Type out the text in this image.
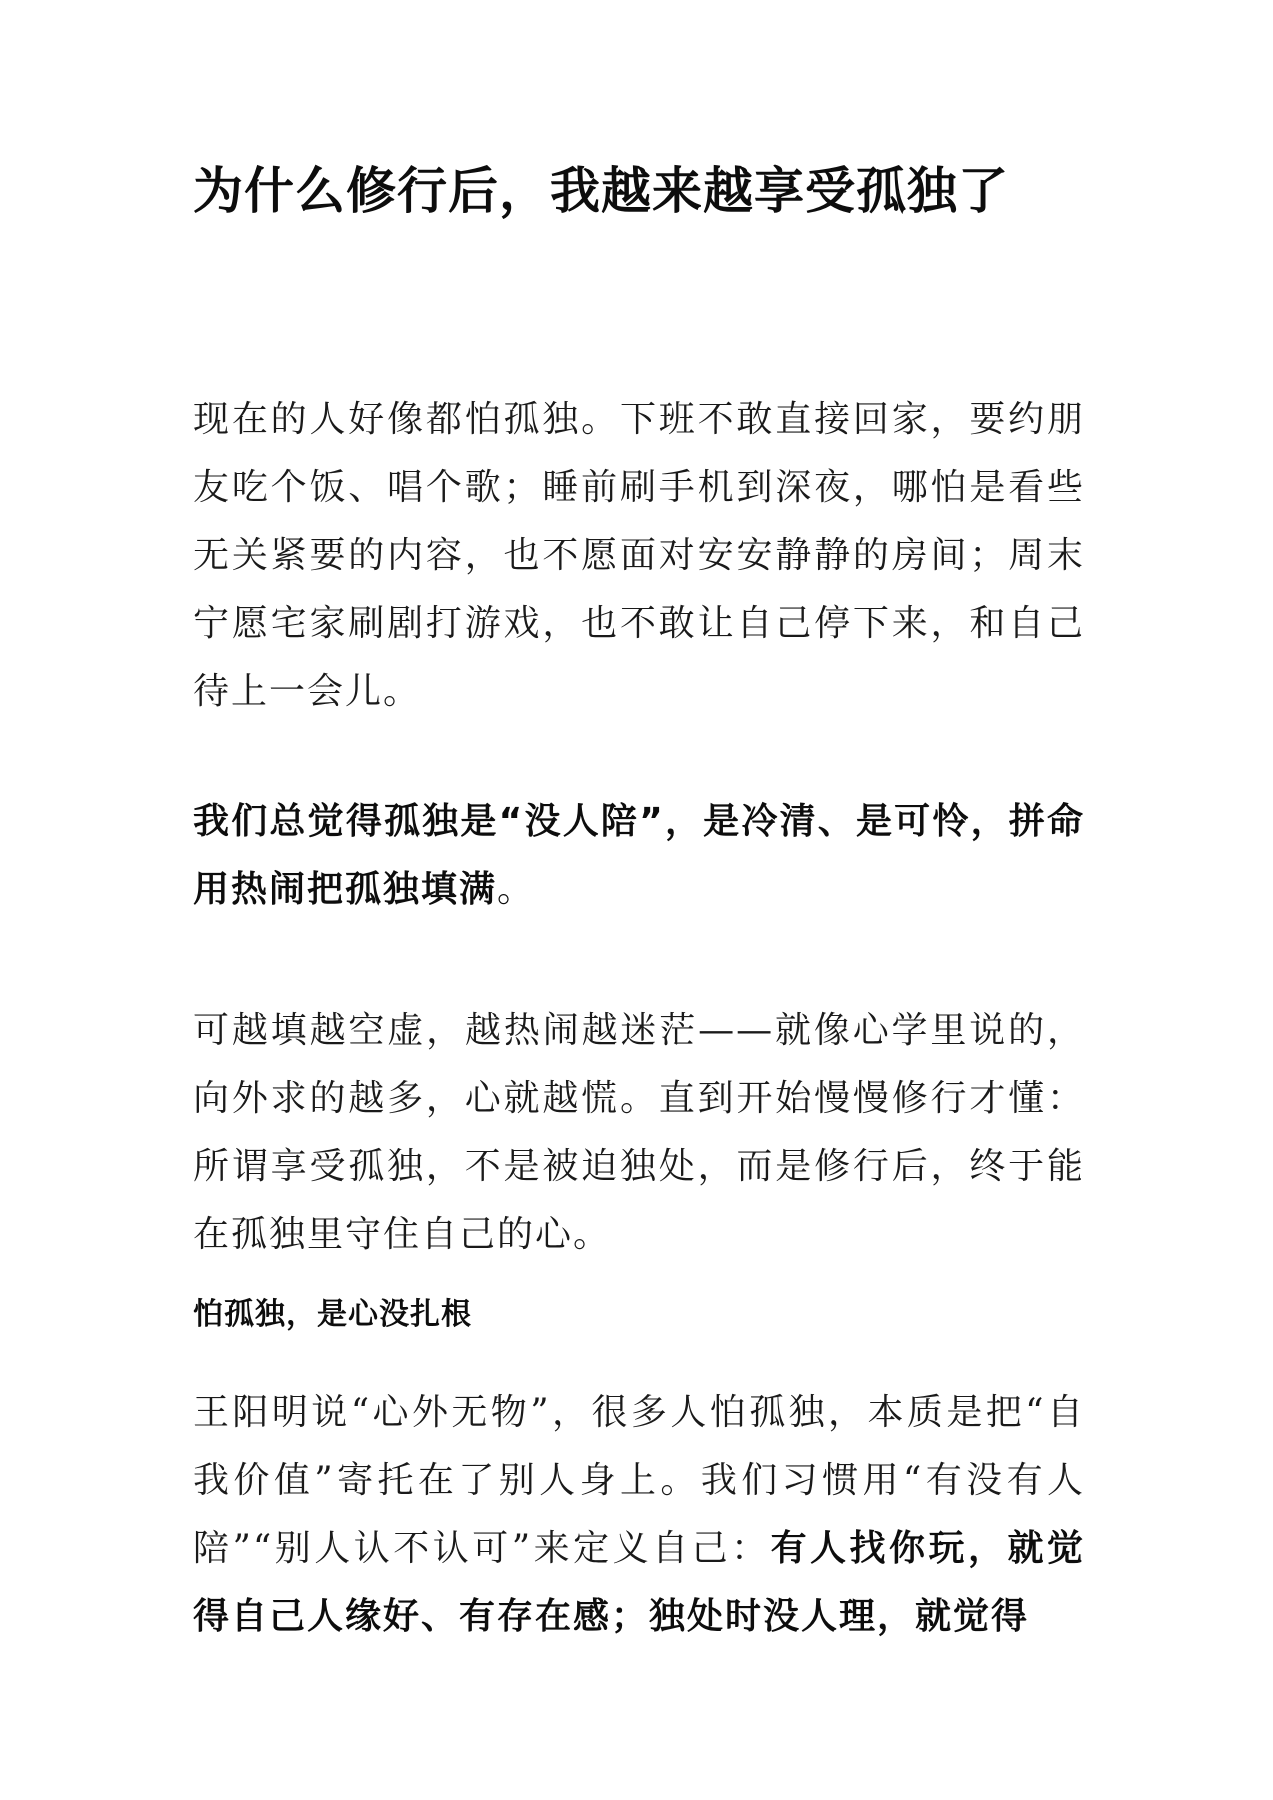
为什么修行后，我越来越享受孤独了

现在的人好像都怕孤独。下班不敢直接回家，要约朋友吃个饭、唱个歌；睡前刷手机到深夜，哪怕是看些无关紧要的内容，也不愿面对安安静静的房间；周末宁愿宅家刷剧打游戏，也不敢让自己停下来，和自己待上一会儿。

我们总觉得孤独是“没人陪”，是冷清、是可怜，拼命用热闹把孤独填满。

可越填越空虚，越热闹越迷茫——就像心学里说的，向外求的越多，心就越慌。直到开始慢慢修行才懂：所谓享受孤独，不是被迫独处，而是修行后，终于能在孤独里守住自己的心。

怕孤独，是心没扎根

王阳明说“心外无物”，很多人怕孤独，本质是把“自我价值”寄托在了别人身上。我们习惯用“有没有人陪”“别人认不认可”来定义自己：有人找你玩，就觉得自己人缘好、有存在感；独处时没人理，就觉得
